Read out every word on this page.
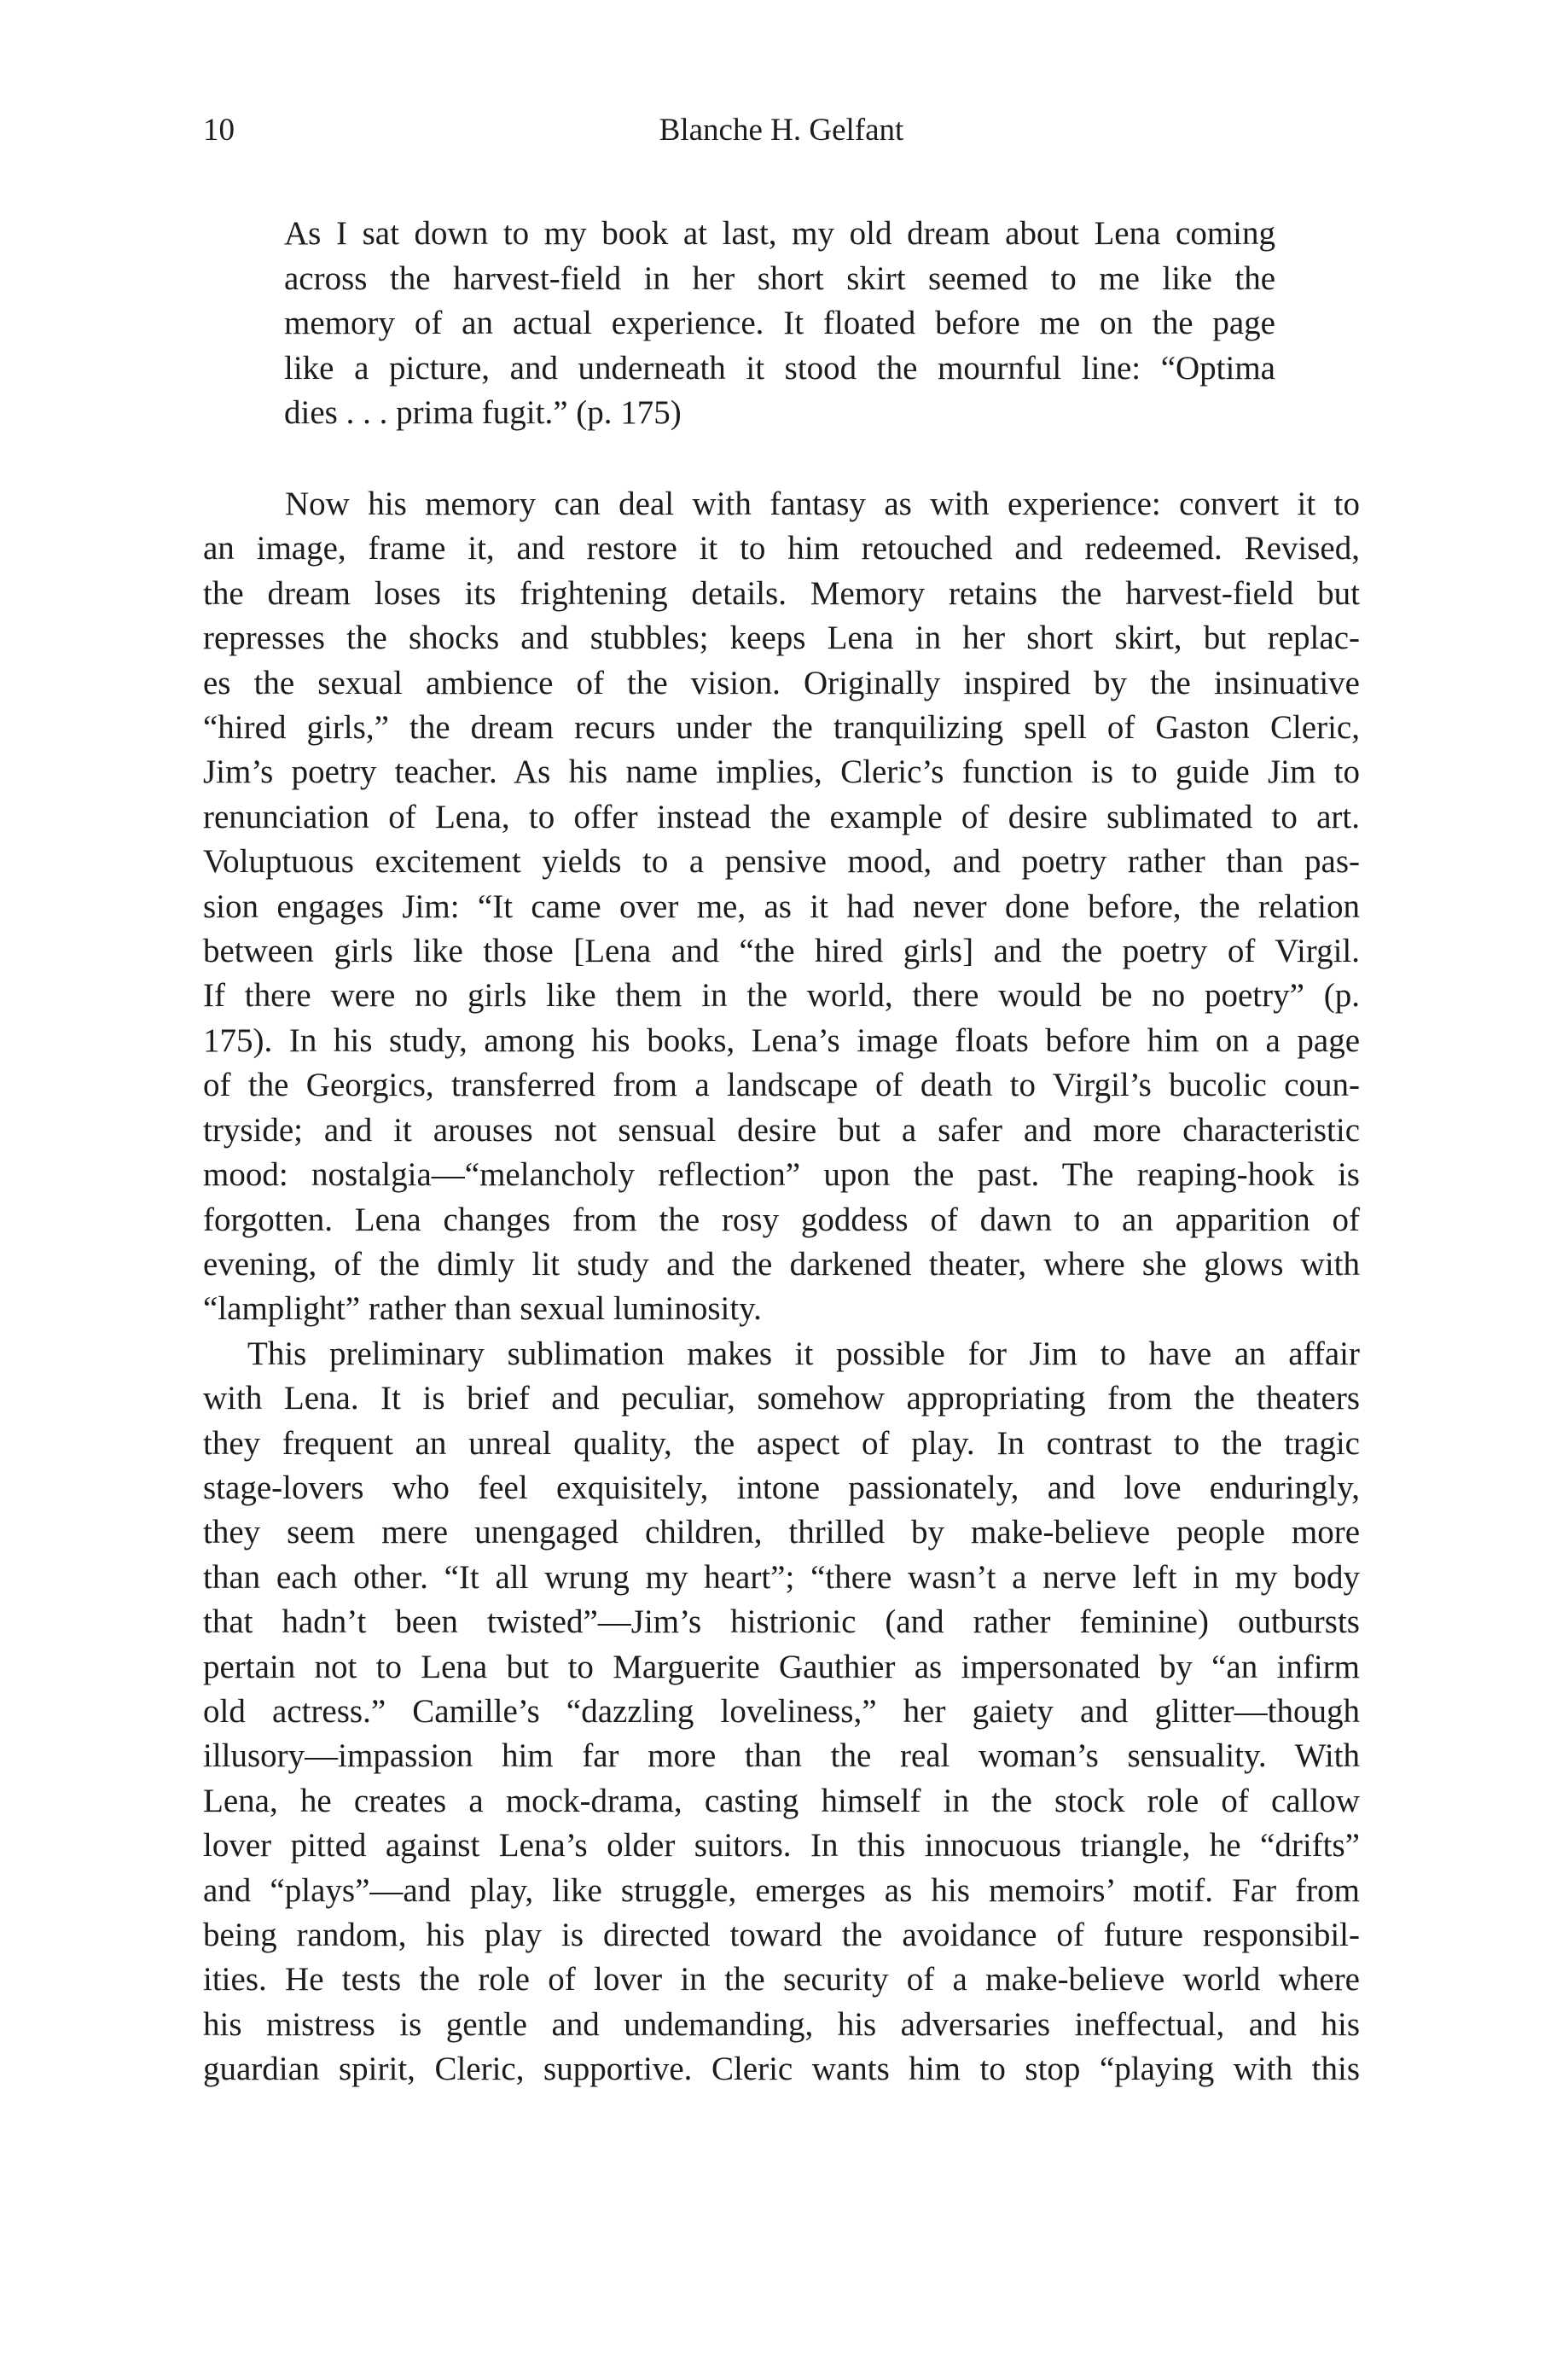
10	Blanche H. Gelfant
As I sat down to my book at last, my old dream about Lena coming
across the harvest-field in her short skirt seemed to me like the
memory of an actual experience. It floated before me on the page
like a picture, and underneath it stood the mournful line: “Optima
dies . . . prima fugit.” (p. 175)
Now his memory can deal with fantasy as with experience: convert it to
an image, frame it, and restore it to him retouched and redeemed. Revised,
the dream loses its frightening details. Memory retains the harvest-field but
represses the shocks and stubbles; keeps Lena in her short skirt, but replac-
es the sexual ambience of the vision. Originally inspired by the insinuative
“hired girls,” the dream recurs under the tranquilizing spell of Gaston Cleric,
Jim’s poetry teacher. As his name implies, Cleric’s function is to guide Jim to
renunciation of Lena, to offer instead the example of desire sublimated to art.
Voluptuous excitement yields to a pensive mood, and poetry rather than pas-
sion engages Jim: “It came over me, as it had never done before, the relation
between girls like those [Lena and “the hired girls] and the poetry of Virgil.
If there were no girls like them in the world, there would be no poetry” (p.
175). In his study, among his books, Lena’s image floats before him on a page
of the Georgics, transferred from a landscape of death to Virgil’s bucolic coun-
tryside; and it arouses not sensual desire but a safer and more characteristic
mood: nostalgia—“melancholy reflection” upon the past. The reaping-hook is
forgotten. Lena changes from the rosy goddess of dawn to an apparition of
evening, of the dimly lit study and the darkened theater, where she glows with
“lamplight” rather than sexual luminosity.
This preliminary sublimation makes it possible for Jim to have an affair
with Lena. It is brief and peculiar, somehow appropriating from the theaters
they frequent an unreal quality, the aspect of play. In contrast to the tragic
stage-lovers who feel exquisitely, intone passionately, and love enduringly,
they seem mere unengaged children, thrilled by make-believe people more
than each other. “It all wrung my heart”; “there wasn’t a nerve left in my body
that hadn’t been twisted”—Jim’s histrionic (and rather feminine) outbursts
pertain not to Lena but to Marguerite Gauthier as impersonated by “an infirm
old actress.” Camille’s “dazzling loveliness,” her gaiety and glitter—though
illusory—impassion him far more than the real woman’s sensuality. With
Lena, he creates a mock-drama, casting himself in the stock role of callow
lover pitted against Lena’s older suitors. In this innocuous triangle, he “drifts”
and “plays”—and play, like struggle, emerges as his memoirs’ motif. Far from
being random, his play is directed toward the avoidance of future responsibil-
ities. He tests the role of lover in the security of a make-believe world where
his mistress is gentle and undemanding, his adversaries ineffectual, and his
guardian spirit, Cleric, supportive. Cleric wants him to stop “playing with this
